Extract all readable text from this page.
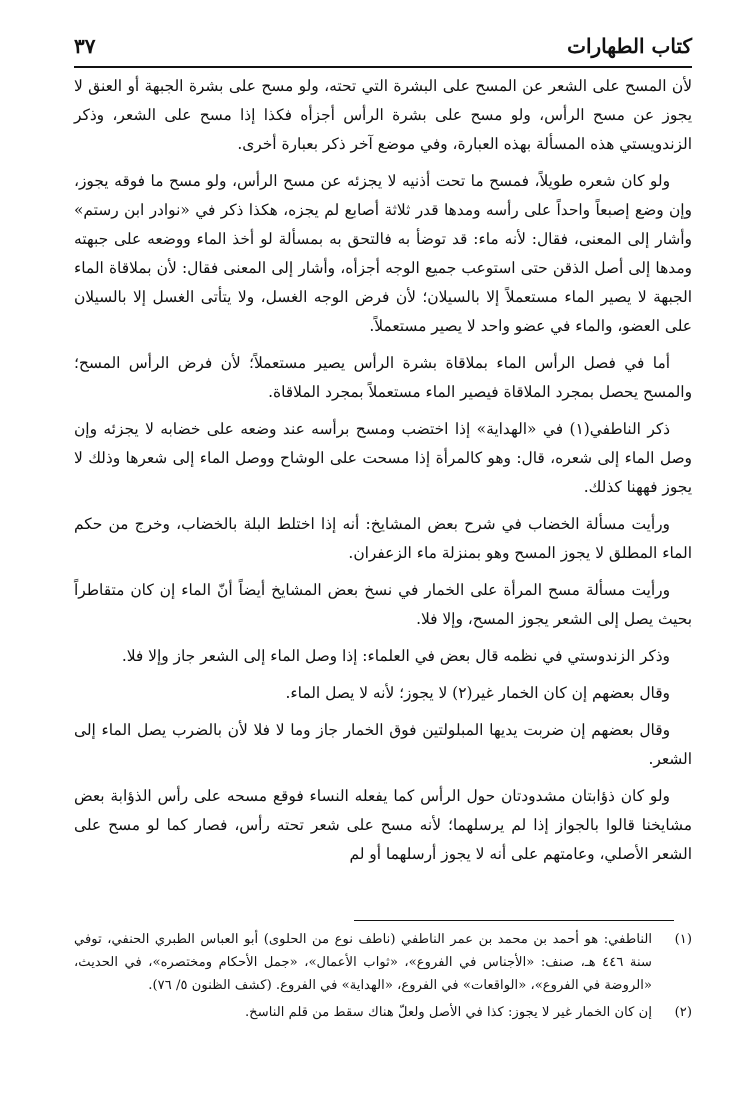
كتاب الطهارات
٣٧

لأن المسح على الشعر عن المسح على البشرة التي تحته، ولو مسح على بشرة الجبهة أو العنق لا يجوز عن مسح الرأس، ولو مسح على بشرة الرأس أجزأه فكذا إذا مسح على الشعر، وذكر الزندويستي هذه المسألة بهذه العبارة، وفي موضع آخر ذكر بعبارة أخرى.

ولو كان شعره طويلاً، فمسح ما تحت أذنيه لا يجزئه عن مسح الرأس، ولو مسح ما فوقه يجوز، وإن وضع إصبعاً واحداً على رأسه ومدها قدر ثلاثة أصابع لم يجزه، هكذا ذكر في «نوادر ابن رستم» وأشار إلى المعنى، فقال: لأنه ماء: قد توضأ به فالتحق به بمسألة لو أخذ الماء ووضعه على جبهته ومدها إلى أصل الذقن حتى استوعب جميع الوجه أجزأه، وأشار إلى المعنى فقال: لأن بملاقاة الماء الجبهة لا يصير الماء مستعملاً إلا بالسيلان؛ لأن فرض الوجه الغسل، ولا يتأتى الغسل إلا بالسيلان على العضو، والماء في عضو واحد لا يصير مستعملاً.

أما في فصل الرأس الماء بملاقاة بشرة الرأس يصير مستعملاً؛ لأن فرض الرأس المسح؛ والمسح يحصل بمجرد الملاقاة فيصير الماء مستعملاً بمجرد الملاقاة.

ذكر الناطفي(١) في «الهداية» إذا اختضب ومسح برأسه عند وضعه على خضابه لا يجزئه وإن وصل الماء إلى شعره، قال: وهو كالمرأة إذا مسحت على الوشاح ووصل الماء إلى شعرها وذلك لا يجوز فههنا كذلك.

ورأيت مسألة الخضاب في شرح بعض المشايخ: أنه إذا اختلط البلة بالخضاب، وخرج من حكم الماء المطلق لا يجوز المسح وهو بمنزلة ماء الزعفران.

ورأيت مسألة مسح المرأة على الخمار في نسخ بعض المشايخ أيضاً أنّ الماء إن كان متقاطراً بحيث يصل إلى الشعر يجوز المسح، وإلا فلا.

وذكر الزندوستي في نظمه قال بعض في العلماء: إذا وصل الماء إلى الشعر جاز وإلا فلا.

وقال بعضهم إن كان الخمار غير(٢) لا يجوز؛ لأنه لا يصل الماء.

وقال بعضهم إن ضربت يديها المبلولتين فوق الخمار جاز وما لا فلا لأن بالضرب يصل الماء إلى الشعر.

ولو كان ذؤابتان مشدودتان حول الرأس كما يفعله النساء فوقع مسحه على رأس الذؤابة بعض مشايخنا قالوا بالجواز إذا لم يرسلهما؛ لأنه مسح على شعر تحته رأس، فصار كما لو مسح على الشعر الأصلي، وعامتهم على أنه لا يجوز أرسلهما أو لم

(١)
الناطفي: هو أحمد بن محمد بن عمر الناطفي (ناطف نوع من الحلوى) أبو العباس الطبري الحنفي، توفي سنة ٤٤٦ هـ، صنف: «الأجناس في الفروع»، «ثواب الأعمال»، «جمل الأحكام ومختصره»، في الحديث، «الروضة في الفروع»، «الواقعات» في الفروع، «الهداية» في الفروع. (كشف الظنون ٥/ ٧٦).
(٢)
إن كان الخمار غير لا يجوز: كذا في الأصل ولعلّ هناك سقط من قلم الناسخ.
